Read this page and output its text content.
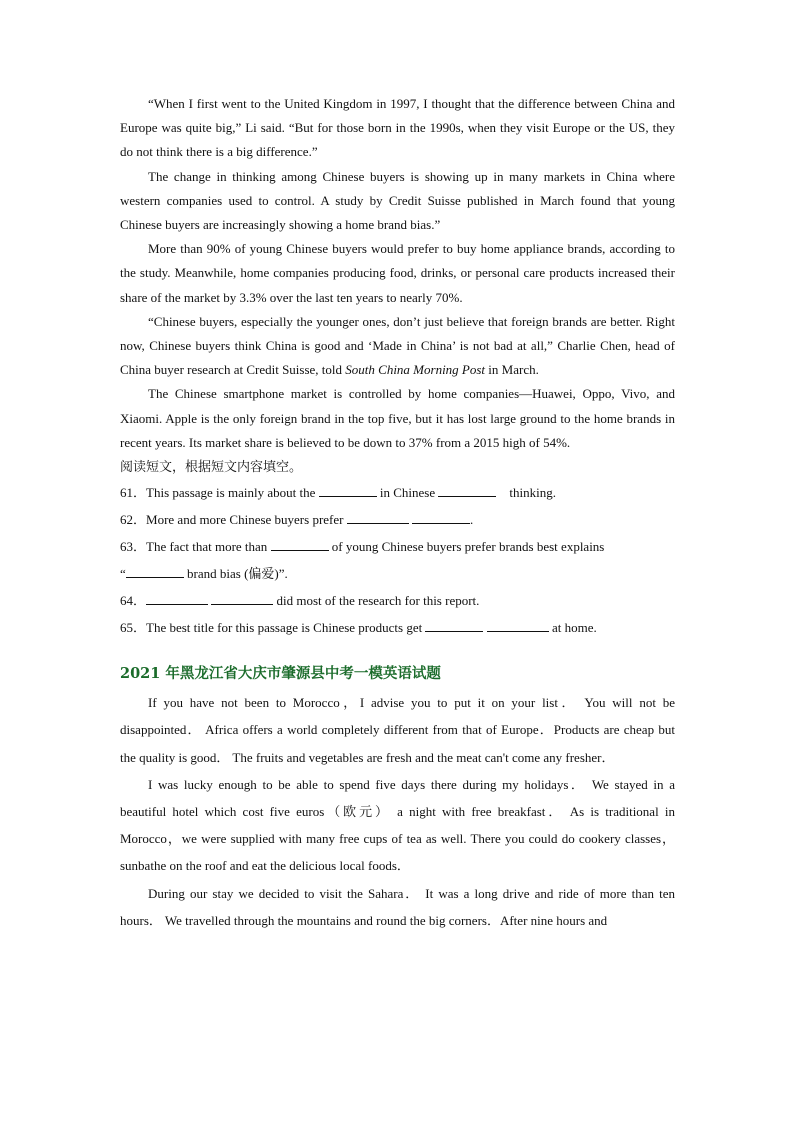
“When I first went to the United Kingdom in 1997, I thought that the difference between China and Europe was quite big,” Li said. “But for those born in the 1990s, when they visit Europe or the US, they do not think there is a big difference.”

The change in thinking among Chinese buyers is showing up in many markets in China where western companies used to control. A study by Credit Suisse published in March found that young Chinese buyers are increasingly showing a home brand bias.”

More than 90% of young Chinese buyers would prefer to buy home appliance brands, according to the study. Meanwhile, home companies producing food, drinks, or personal care products increased their share of the market by 3.3% over the last ten years to nearly 70%.

“Chinese buyers, especially the younger ones, don’t just believe that foreign brands are better. Right now, Chinese buyers think China is good and ‘Made in China’ is not bad at all,” Charlie Chen, head of China buyer research at Credit Suisse, told South China Morning Post in March.

The Chinese smartphone market is controlled by home companies—Huawei, Oppo, Vivo, and Xiaomi. Apple is the only foreign brand in the top five, but it has lost large ground to the home brands in recent years. Its market share is believed to be down to 37% from a 2015 high of 54%.

阅读短文，根据短文内容填空。

61．This passage is mainly about the	in Chinese	thinking.

62．More and more Chinese buyers prefer	.

63．The fact that more than	of young Chinese buyers prefer brands best explains

“	brand bias (偏爱)”.

64．	did most of the research for this report.

65．The best title for this passage is Chinese products get	at home.

2021 年黑龙江省大庆市肇源县中考一模英语试题

If you have not been to Morocco，I advise you to put it on your list． You will not be disappointed． Africa offers a world completely different from that of Europe．Products are cheap but the quality is good． The fruits and vegetables are fresh and the meat can't come any fresher．

I was lucky enough to be able to spend five days there during my holidays． We stayed in a beautiful hotel which cost five euros（欧元） a night with free breakfast． As is traditional in Morocco，we were supplied with many free cups of tea as well. There you could do cookery classes，sunbathe on the roof and eat the delicious local foods．

During our stay we decided to visit the Sahara． It was a long drive and ride of more than ten hours． We travelled through the mountains and round the big corners．After nine hours and
